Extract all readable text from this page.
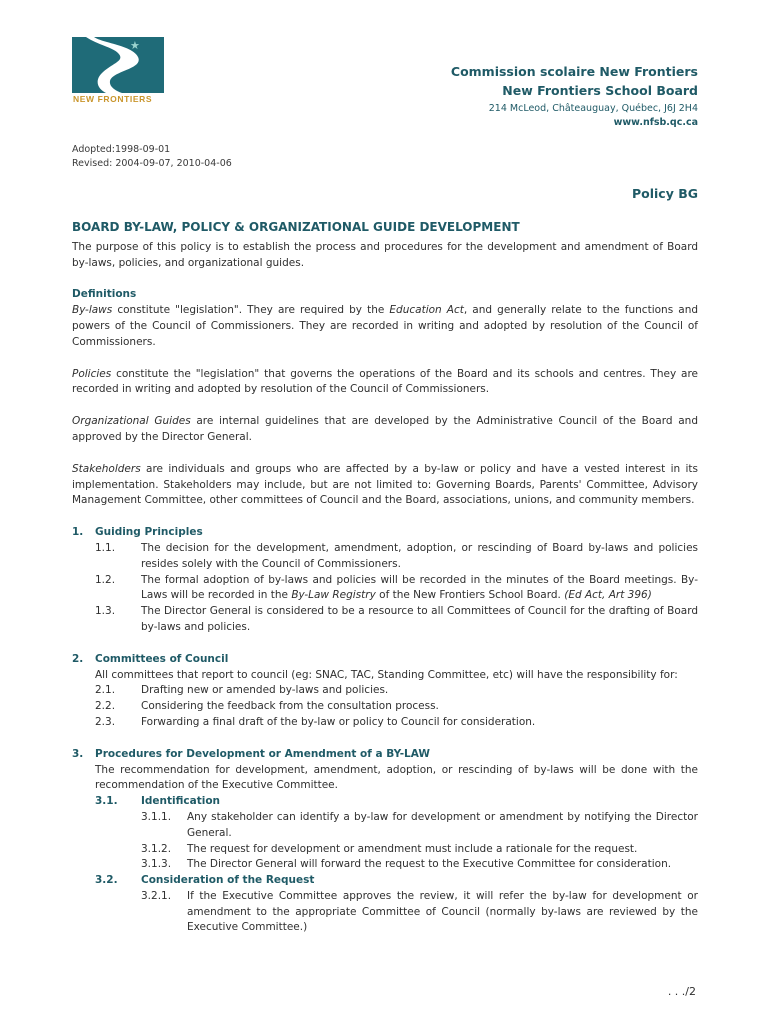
★
NEW FRONTIERS
Commission scolaire New Frontiers
New Frontiers School Board
214 McLeod, Châteauguay, Québec, J6J 2H4
www.nfsb.qc.ca
Adopted:1998-09-01
Revised: 2004-09-07, 2010-04-06
Policy BG
BOARD BY-LAW, POLICY & ORGANIZATIONAL GUIDE DEVELOPMENT

The purpose of this policy is to establish the process and procedures for the development and amendment of Board by-laws, policies, and organizational guides.

Definitions

By-laws constitute "legislation". They are required by the Education Act, and generally relate to the functions and powers of the Council of Commissioners. They are recorded in writing and adopted by resolution of the Council of Commissioners.

Policies constitute the "legislation" that governs the operations of the Board and its schools and centres. They are recorded in writing and adopted by resolution of the Council of Commissioners.

Organizational Guides are internal guidelines that are developed by the Administrative Council of the Board and approved by the Director General.

Stakeholders are individuals and groups who are affected by a by-law or policy and have a vested interest in its implementation. Stakeholders may include, but are not limited to: Governing Boards, Parents' Committee, Advisory Management Committee, other committees of Council and the Board, associations, unions, and community members.

1. Guiding Principles
1.1. The decision for the development, amendment, adoption, or rescinding of Board by-laws and policies resides solely with the Council of Commissioners.
1.2. The formal adoption of by-laws and policies will be recorded in the minutes of the Board meetings. By-Laws will be recorded in the By-Law Registry of the New Frontiers School Board. (Ed Act, Art 396)
1.3. The Director General is considered to be a resource to all Committees of Council for the drafting of Board by-laws and policies.
2. Committees of Council
All committees that report to council (eg: SNAC, TAC, Standing Committee, etc) will have the responsibility for:
2.1. Drafting new or amended by-laws and policies.
2.2. Considering the feedback from the consultation process.
2.3. Forwarding a final draft of the by-law or policy to Council for consideration.
3. Procedures for Development or Amendment of a BY-LAW
The recommendation for development, amendment, adoption, or rescinding of by-laws will be done with the recommendation of the Executive Committee.
3.1. Identification
3.1.1. Any stakeholder can identify a by-law for development or amendment by notifying the Director General.
3.1.2. The request for development or amendment must include a rationale for the request.
3.1.3. The Director General will forward the request to the Executive Committee for consideration.
3.2. Consideration of the Request
3.2.1. If the Executive Committee approves the review, it will refer the by-law for development or amendment to the appropriate Committee of Council (normally by-laws are reviewed by the Executive Committee.)
. . ./2
